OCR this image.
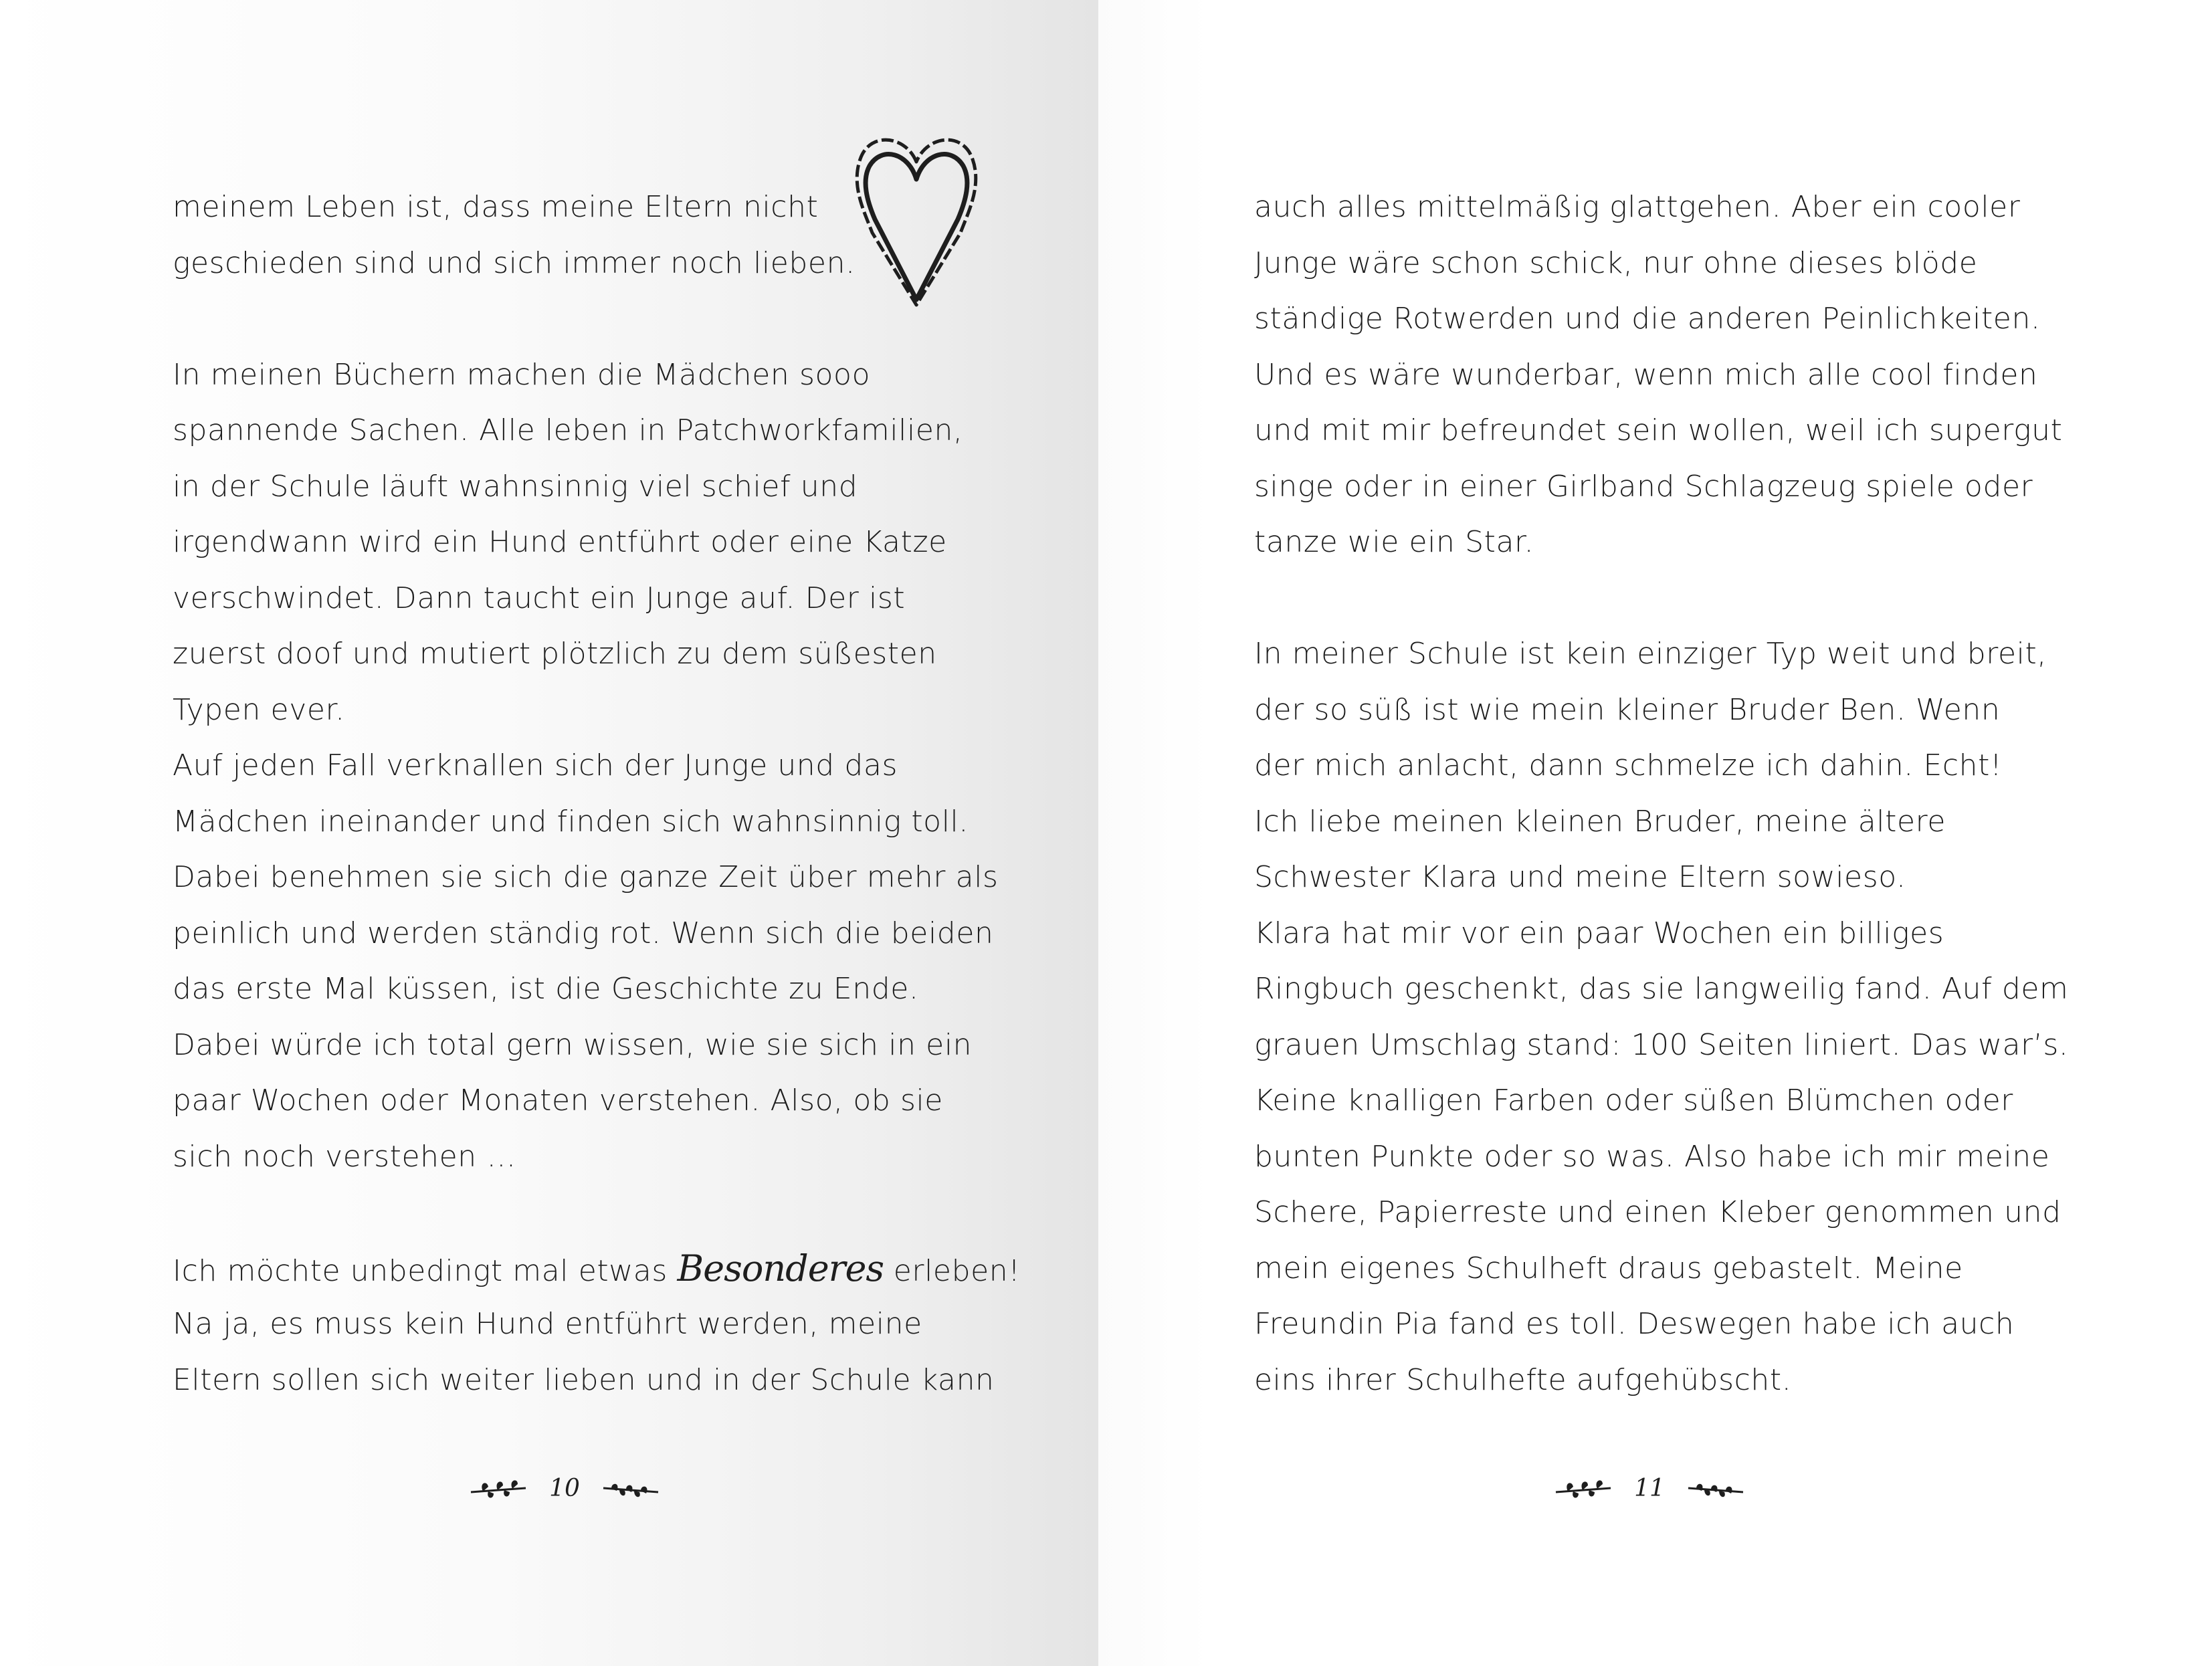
meinem Leben ist, dass meine Eltern nicht
geschieden sind und sich immer noch lieben.
In meinen Büchern machen die Mädchen sooo
spannende Sachen. Alle leben in Patchworkfamilien,
in der Schule läuft wahnsinnig viel schief und
irgendwann wird ein Hund entführt oder eine Katze
verschwindet. Dann taucht ein Junge auf. Der ist
zuerst doof und mutiert plötzlich zu dem süßesten
Typen ever.
Auf jeden Fall verknallen sich der Junge und das
Mädchen ineinander und finden sich wahnsinnig toll.
Dabei benehmen sie sich die ganze Zeit über mehr als
peinlich und werden ständig rot. Wenn sich die beiden
das erste Mal küssen, ist die Geschichte zu Ende.
Dabei würde ich total gern wissen, wie sie sich in ein
paar Wochen oder Monaten verstehen. Also, ob sie
sich noch verstehen …
Ich möchte unbedingt mal etwas Besonderes erleben!
Na ja, es muss kein Hund entführt werden, meine
Eltern sollen sich weiter lieben und in der Schule kann
10
auch alles mittelmäßig glattgehen. Aber ein cooler
Junge wäre schon schick, nur ohne dieses blöde
ständige Rotwerden und die anderen Peinlichkeiten.
Und es wäre wunderbar, wenn mich alle cool finden
und mit mir befreundet sein wollen, weil ich supergut
singe oder in einer Girlband Schlagzeug spiele oder
tanze wie ein Star.
In meiner Schule ist kein einziger Typ weit und breit,
der so süß ist wie mein kleiner Bruder Ben. Wenn
der mich anlacht, dann schmelze ich dahin. Echt!
Ich liebe meinen kleinen Bruder, meine ältere
Schwester Klara und meine Eltern sowieso.
Klara hat mir vor ein paar Wochen ein billiges
Ringbuch geschenkt, das sie langweilig fand. Auf dem
grauen Umschlag stand: 100 Seiten liniert. Das war’s.
Keine knalligen Farben oder süßen Blümchen oder
bunten Punkte oder so was. Also habe ich mir meine
Schere, Papierreste und einen Kleber genommen und
mein eigenes Schulheft draus gebastelt. Meine
Freundin Pia fand es toll. Deswegen habe ich auch
eins ihrer Schulhefte aufgehübscht.
11
